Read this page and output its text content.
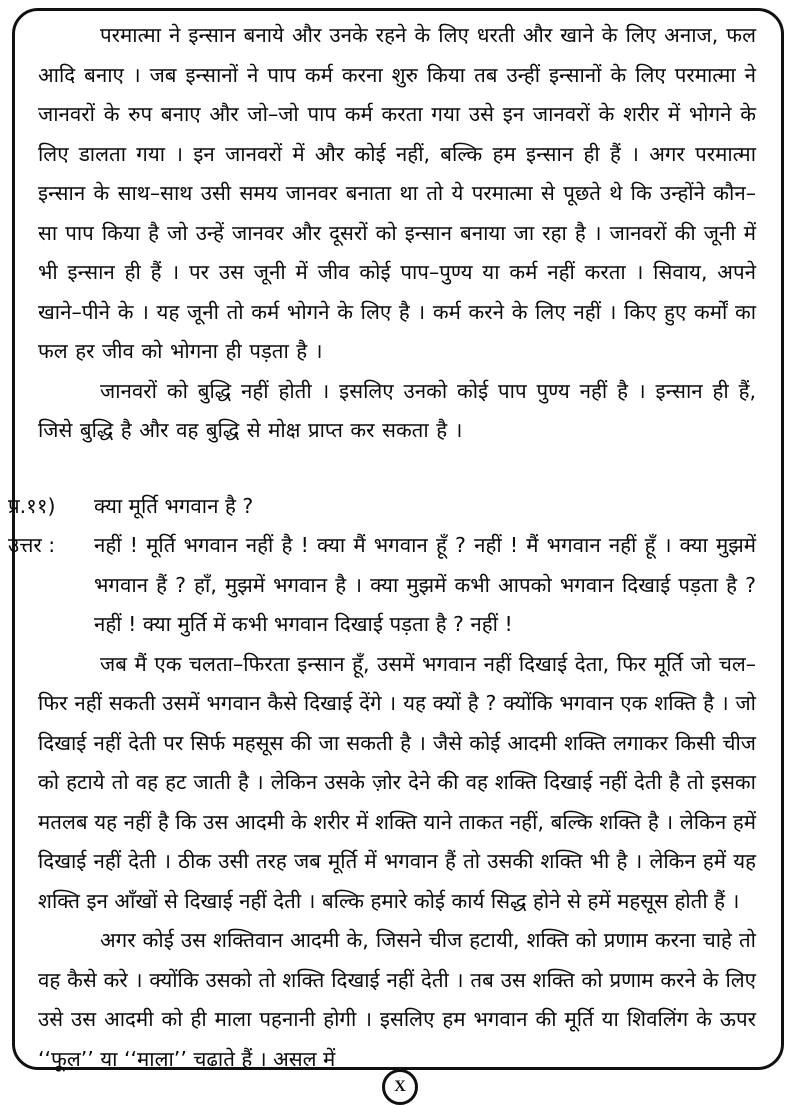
परमात्मा ने इन्सान बनाये और उनके रहने के लिए धरती और खाने के लिए अनाज, फल आदि बनाए । जब इन्सानों ने पाप कर्म करना शुरु किया तब उन्हीं इन्सानों के लिए परमात्मा ने जानवरों के रुप बनाए और जो–जो पाप कर्म करता गया उसे इन जानवरों के शरीर में भोगने के लिए डालता गया । इन जानवरों में और कोई नहीं, बल्कि हम इन्सान ही हैं । अगर परमात्मा इन्सान के साथ–साथ उसी समय जानवर बनाता था तो ये परमात्मा से पूछते थे कि उन्होंने कौन–सा पाप किया है जो उन्हें जानवर और दूसरों को इन्सान बनाया जा रहा है । जानवरों की जूनी में भी इन्सान ही हैं । पर उस जूनी में जीव कोई पाप–पुण्य या कर्म नहीं करता । सिवाय, अपने खाने–पीने के । यह जूनी तो कर्म भोगने के लिए है । कर्म करने के लिए नहीं । किए हुए कर्मों का फल हर जीव को भोगना ही पड़ता है ।

जानवरों को बुद्धि नहीं होती । इसलिए उनको कोई पाप पुण्य नहीं है । इन्सान ही हैं, जिसे बुद्धि है और वह बुद्धि से मोक्ष प्राप्त कर सकता है ।

प्र.११)	क्या मूर्ति भगवान है ?
उत्तर :	नहीं ! मूर्ति भगवान नहीं है ! क्या मैं भगवान हूँ ? नहीं ! मैं भगवान नहीं हूँ । क्या मुझमें भगवान हैं ? हाँ, मुझमें भगवान है । क्या मुझमें कभी आपको भगवान दिखाई पड़ता है ? नहीं ! क्या मुर्ति में कभी भगवान दिखाई पड़ता है ? नहीं !

जब मैं एक चलता–फिरता इन्सान हूँ, उसमें भगवान नहीं दिखाई देता, फिर मूर्ति जो चल–फिर नहीं सकती उसमें भगवान कैसे दिखाई देंगे । यह क्यों है ? क्योंकि भगवान एक शक्ति है । जो दिखाई नहीं देती पर सिर्फ महसूस की जा सकती है । जैसे कोई आदमी शक्ति लगाकर किसी चीज को हटाये तो वह हट जाती है । लेकिन उसके ज़ोर देने की वह शक्ति दिखाई नहीं देती है तो इसका मतलब यह नहीं है कि उस आदमी के शरीर में शक्ति याने ताकत नहीं, बल्कि शक्ति है । लेकिन हमें दिखाई नहीं देती । ठीक उसी तरह जब मूर्ति में भगवान हैं तो उसकी शक्ति भी है । लेकिन हमें यह शक्ति इन आँखों से दिखाई नहीं देती । बल्कि हमारे कोई कार्य सिद्ध होने से हमें महसूस होती हैं ।

अगर कोई उस शक्तिवान आदमी के, जिसने चीज हटायी, शक्ति को प्रणाम करना चाहे तो वह कैसे करे । क्योंकि उसको तो शक्ति दिखाई नहीं देती । तब उस शक्ति को प्रणाम करने के लिए उसे उस आदमी को ही माला पहनानी होगी । इसलिए हम भगवान की मूर्ति या शिवलिंग के ऊपर ‘‘फूल’’ या ‘‘माला’’ चढ़ाते हैं । असल में

X
